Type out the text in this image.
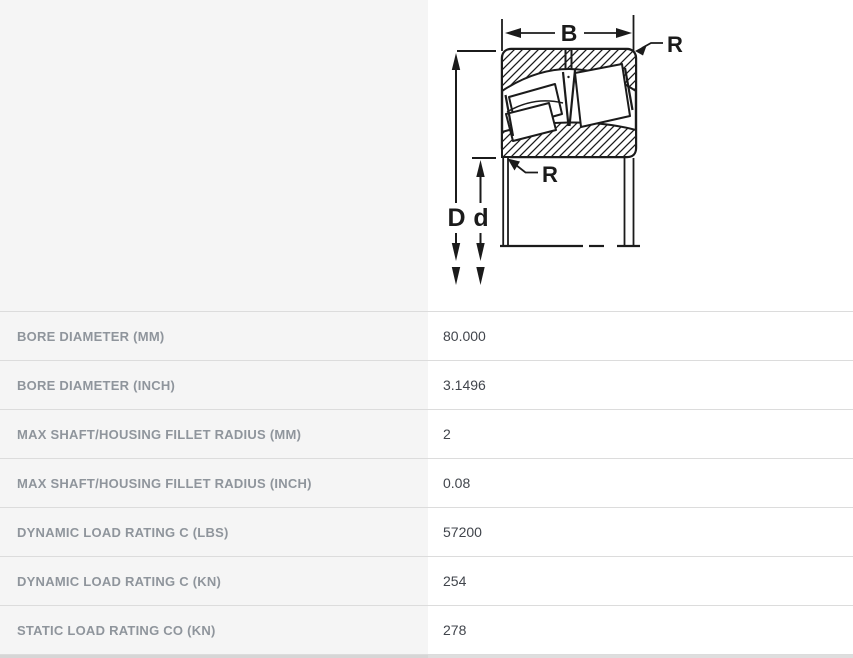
B	R
R
D d
BORE DIAMETER (MM)	80.000
BORE DIAMETER (INCH)	3.1496
MAX SHAFT/HOUSING FILLET RADIUS (MM)	2
MAX SHAFT/HOUSING FILLET RADIUS (INCH)	0.08
DYNAMIC LOAD RATING C (LBS)	57200
DYNAMIC LOAD RATING C (KN)	254
STATIC LOAD RATING CO (KN)	278
